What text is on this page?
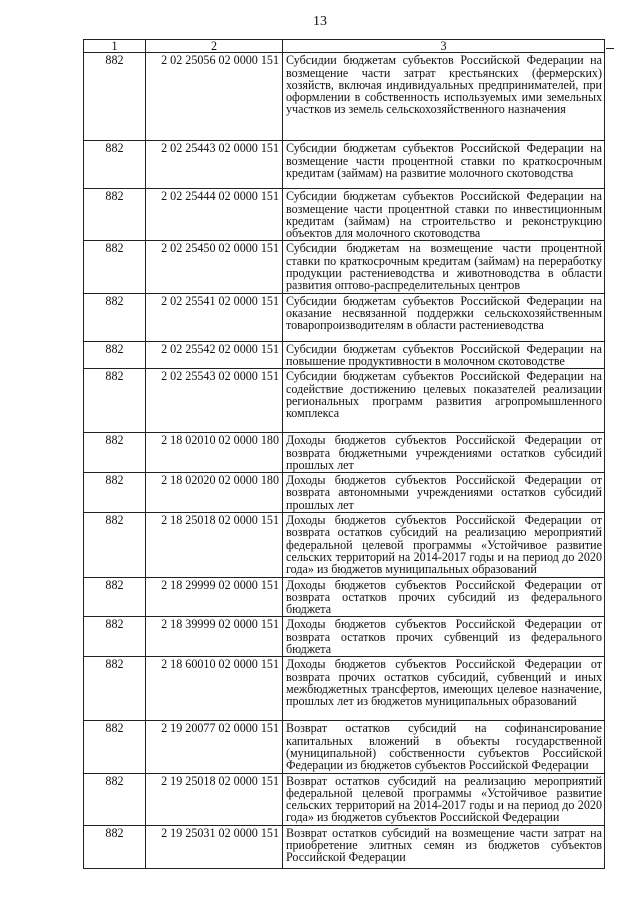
13
1	2	3
882	2 02 25056 02 0000 151	Субсидии бюджетам субъектов Российской Федерации на возмещение части затрат крестьянских (фермерских) хозяйств, включая индивидуальных предпринимателей, при оформлении в собственность используемых ими земельных участков из земель сельскохозяйственного назначения
882	2 02 25443 02 0000 151	Субсидии бюджетам субъектов Российской Федерации на возмещение части процентной ставки по краткосрочным кредитам (займам) на развитие молочного скотоводства
882	2 02 25444 02 0000 151	Субсидии бюджетам субъектов Российской Федерации на возмещение части процентной ставки по инвестиционным кредитам (займам) на строительство и реконструкцию объектов для молочного скотоводства
882	2 02 25450 02 0000 151	Субсидии бюджетам на возмещение части процентной ставки по краткосрочным кредитам (займам) на переработку продукции растениеводства и животноводства в области развития оптово-распределительных центров
882	2 02 25541 02 0000 151	Субсидии бюджетам субъектов Российской Федерации на оказание несвязанной поддержки сельскохозяйственным товаропроизводителям в области растениеводства
882	2 02 25542 02 0000 151	Субсидии бюджетам субъектов Российской Федерации на повышение продуктивности в молочном скотоводстве
882	2 02 25543 02 0000 151	Субсидии бюджетам субъектов Российской Федерации на содействие достижению целевых показателей реализации региональных программ развития агропромышленного комплекса
882	2 18 02010 02 0000 180	Доходы бюджетов субъектов Российской Федерации от возврата бюджетными учреждениями остатков субсидий прошлых лет
882	2 18 02020 02 0000 180	Доходы бюджетов субъектов Российской Федерации от возврата автономными учреждениями остатков субсидий прошлых лет
882	2 18 25018 02 0000 151	Доходы бюджетов субъектов Российской Федерации от возврата остатков субсидий на реализацию мероприятий федеральной целевой программы «Устойчивое развитие сельских территорий на 2014-2017 годы и на период до 2020 года» из бюджетов муниципальных образований
882	2 18 29999 02 0000 151	Доходы бюджетов субъектов Российской Федерации от возврата остатков прочих субсидий из федерального бюджета
882	2 18 39999 02 0000 151	Доходы бюджетов субъектов Российской Федерации от возврата остатков прочих субвенций из федерального бюджета
882	2 18 60010 02 0000 151	Доходы бюджетов субъектов Российской Федерации от возврата прочих остатков субсидий, субвенций и иных межбюджетных трансфертов, имеющих целевое назначение, прошлых лет из бюджетов муниципальных образований
882	2 19 20077 02 0000 151	Возврат остатков субсидий на софинансирование капитальных вложений в объекты государственной (муниципальной) собственности субъектов Российской Федерации из бюджетов субъектов Российской Федерации
882	2 19 25018 02 0000 151	Возврат остатков субсидий на реализацию мероприятий федеральной целевой программы «Устойчивое развитие сельских территорий на 2014-2017 годы и на период до 2020 года» из бюджетов субъектов Российской Федерации
882	2 19 25031 02 0000 151	Возврат остатков субсидий на возмещение части затрат на приобретение элитных семян из бюджетов субъектов Российской Федерации
